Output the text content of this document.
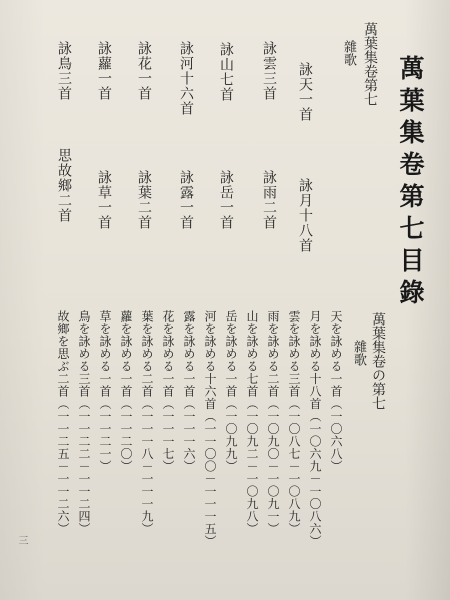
萬葉集卷第七目錄
萬葉集卷第七
雜歌
詠天一首
詠雲三首
詠山七首
詠河十六首
詠花一首
詠蘿一首
詠鳥三首
詠月十八首
詠雨二首
詠岳一首
詠露一首
詠葉二首
詠草一首
思故鄉二首
萬葉集卷の第七
雜歌
天を詠める一首（一〇六八）
月を詠める十八首（一〇六九－一〇八六）
雲を詠める三首（一〇八七－一〇八九）
雨を詠める二首（一〇九〇－一〇九一）
山を詠める七首（一〇九二－一〇九八）
岳を詠める一首（一〇九九）
河を詠める十六首（一一〇〇－一一一五）
露を詠める一首（一一一六）
花を詠める一首（一一一七）
葉を詠める二首（一一一八－一一一九）
蘿を詠める一首（一一二〇）
草を詠める一首（一一二一）
鳥を詠める三首（一一二二－一一二四）
故鄉を思ぶ二首（一一二五－一一二六）
三
